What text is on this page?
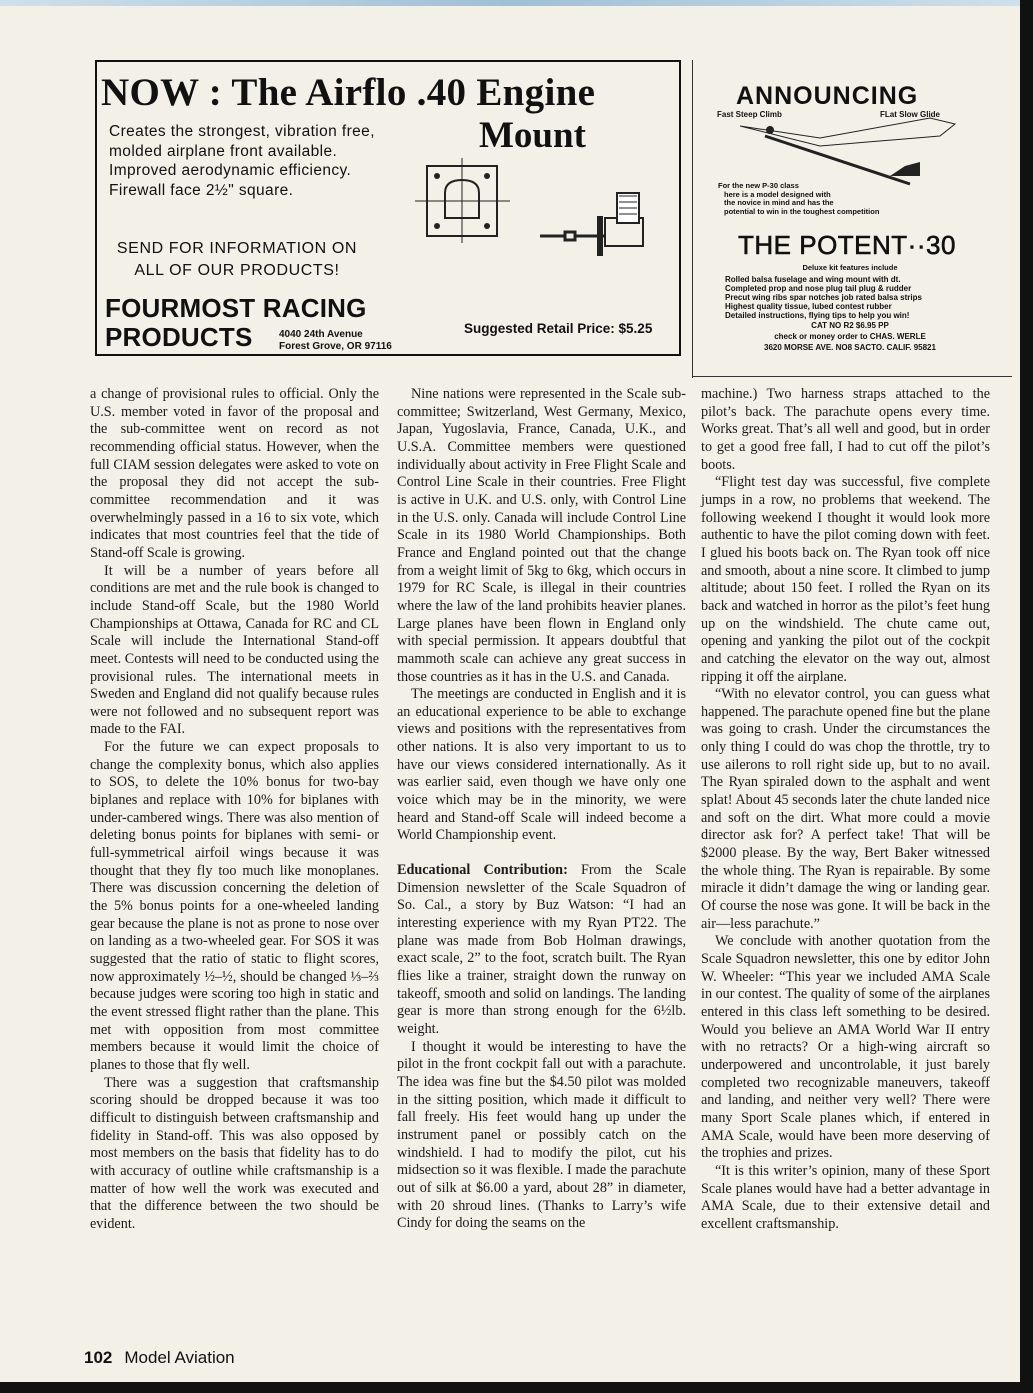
NOW : The Airflo .40 Engine
Mount
Creates the strongest, vibration free, molded airplane front available. Improved aerodynamic efficiency. Firewall face 2½" square.
SEND FOR INFORMATION ON ALL OF OUR PRODUCTS!
FOURMOST RACING
PRODUCTS	4040 24th Avenue
Forest Grove, OR 97116
Suggested Retail Price: $5.25
ANNOUNCING
Fast Steep Climb	FLat Slow Glide
For the new P-30 class
here is a model designed with
the novice in mind and has the
potential to win in the toughest competition
THE POTENT··30
Deluxe kit features include
Rolled balsa fuselage and wing mount with dt.
Completed prop and nose plug tail plug & rudder
Precut wing ribs spar notches job rated balsa strips
Highest quality tissue, lubed contest rubber
Detailed instructions, flying tips to help you win!
CAT NO R2 $6.95 PP
check or money order to CHAS. WERLE
3620 MORSE AVE. NO8 SACTO. CALIF. 95821

a change of provisional rules to official. Only the U.S. member voted in favor of the proposal and the sub-committee went on record as not recommending official status. However, when the full CIAM session delegates were asked to vote on the proposal they did not accept the sub-committee recommendation and it was overwhelmingly passed in a 16 to six vote, which indicates that most countries feel that the tide of Stand-off Scale is growing.

It will be a number of years before all conditions are met and the rule book is changed to include Stand-off Scale, but the 1980 World Championships at Ottawa, Canada for RC and CL Scale will include the International Stand-off meet. Contests will need to be conducted using the provisional rules. The international meets in Sweden and England did not qualify because rules were not followed and no subsequent report was made to the FAI.

For the future we can expect proposals to change the complexity bonus, which also applies to SOS, to delete the 10% bonus for two-bay biplanes and replace with 10% for biplanes with under-cambered wings. There was also mention of deleting bonus points for biplanes with semi- or full-symmetrical airfoil wings because it was thought that they fly too much like monoplanes. There was discussion concerning the deletion of the 5% bonus points for a one-wheeled landing gear because the plane is not as prone to nose over on landing as a two-wheeled gear. For SOS it was suggested that the ratio of static to flight scores, now approximately ½–½, should be changed ⅓–⅔ because judges were scoring too high in static and the event stressed flight rather than the plane. This met with opposition from most committee members because it would limit the choice of planes to those that fly well.

There was a suggestion that craftsmanship scoring should be dropped because it was too difficult to distinguish between craftsmanship and fidelity in Stand-off. This was also opposed by most members on the basis that fidelity has to do with accuracy of outline while craftsmanship is a matter of how well the work was executed and that the difference between the two should be evident.

Nine nations were represented in the Scale sub-committee; Switzerland, West Germany, Mexico, Japan, Yugoslavia, France, Canada, U.K., and U.S.A. Committee members were questioned individually about activity in Free Flight Scale and Control Line Scale in their countries. Free Flight is active in U.K. and U.S. only, with Control Line in the U.S. only. Canada will include Control Line Scale in its 1980 World Championships. Both France and England pointed out that the change from a weight limit of 5kg to 6kg, which occurs in 1979 for RC Scale, is illegal in their countries where the law of the land prohibits heavier planes. Large planes have been flown in England only with special permission. It appears doubtful that mammoth scale can achieve any great success in those countries as it has in the U.S. and Canada.

The meetings are conducted in English and it is an educational experience to be able to exchange views and positions with the representatives from other nations. It is also very important to us to have our views considered internationally. As it was earlier said, even though we have only one voice which may be in the minority, we were heard and Stand-off Scale will indeed become a World Championship event.

Educational Contribution: From the Scale Dimension newsletter of the Scale Squadron of So. Cal., a story by Buz Watson: “I had an interesting experience with my Ryan PT22. The plane was made from Bob Holman drawings, exact scale, 2” to the foot, scratch built. The Ryan flies like a trainer, straight down the runway on takeoff, smooth and solid on landings. The landing gear is more than strong enough for the 6½lb. weight.

I thought it would be interesting to have the pilot in the front cockpit fall out with a parachute. The idea was fine but the $4.50 pilot was molded in the sitting position, which made it difficult to fall freely. His feet would hang up under the instrument panel or possibly catch on the windshield. I had to modify the pilot, cut his midsection so it was flexible. I made the parachute out of silk at $6.00 a yard, about 28” in diameter, with 20 shroud lines. (Thanks to Larry’s wife Cindy for doing the seams on the

machine.) Two harness straps attached to the pilot’s back. The parachute opens every time. Works great. That’s all well and good, but in order to get a good free fall, I had to cut off the pilot’s boots.

“Flight test day was successful, five complete jumps in a row, no problems that weekend. The following weekend I thought it would look more authentic to have the pilot coming down with feet. I glued his boots back on. The Ryan took off nice and smooth, about a nine score. It climbed to jump altitude; about 150 feet. I rolled the Ryan on its back and watched in horror as the pilot’s feet hung up on the windshield. The chute came out, opening and yanking the pilot out of the cockpit and catching the elevator on the way out, almost ripping it off the airplane.

“With no elevator control, you can guess what happened. The parachute opened fine but the plane was going to crash. Under the circumstances the only thing I could do was chop the throttle, try to use ailerons to roll right side up, but to no avail. The Ryan spiraled down to the asphalt and went splat! About 45 seconds later the chute landed nice and soft on the dirt. What more could a movie director ask for? A perfect take! That will be $2000 please. By the way, Bert Baker witnessed the whole thing. The Ryan is repairable. By some miracle it didn’t damage the wing or landing gear. Of course the nose was gone. It will be back in the air—less parachute.”

We conclude with another quotation from the Scale Squadron newsletter, this one by editor John W. Wheeler: “This year we included AMA Scale in our contest. The quality of some of the airplanes entered in this class left something to be desired. Would you believe an AMA World War II entry with no retracts? Or a high-wing aircraft so underpowered and uncontrolable, it just barely completed two recognizable maneuvers, takeoff and landing, and neither very well? There were many Sport Scale planes which, if entered in AMA Scale, would have been more deserving of the trophies and prizes.

“It is this writer’s opinion, many of these Sport Scale planes would have had a better advantage in AMA Scale, due to their extensive detail and excellent craftsmanship.

102 Model Aviation
